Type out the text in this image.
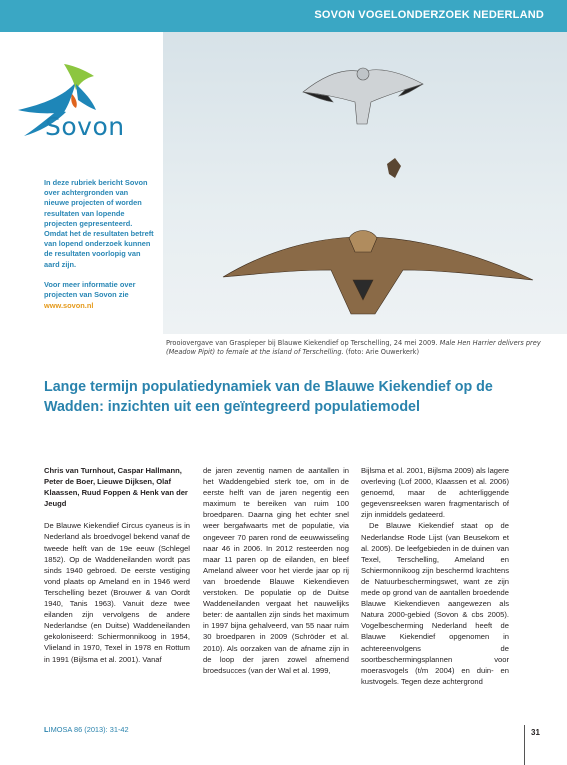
SOVON VOGELONDERZOEK NEDERLAND
Sovon
Prooiovergave van Graspieper bij Blauwe Kiekendief op Terschelling, 24 mei 2009. Male Hen Harrier delivers prey (Meadow Pipit) to female at the island of Terschelling. (foto: Arie Ouwerkerk)

In deze rubriek bericht Sovon over achtergronden van nieuwe projecten of worden resultaten van lopende projecten gepresenteerd. Omdat het de resultaten betreft van lopend onderzoek kunnen de resultaten voorlopig van aard zijn.

Voor meer informatie over projecten van Sovon zie www.sovon.nl

Lange termijn populatiedynamiek van de Blauwe Kiekendief op de Wadden: inzichten uit een geïntegreerd populatiemodel

Chris van Turnhout, Caspar Hallmann, Peter de Boer, Lieuwe Dijksen, Olaf Klaassen, Ruud Foppen & Henk van der Jeugd

De Blauwe Kiekendief Circus cyaneus is in Nederland als broedvogel bekend vanaf de tweede helft van de 19e eeuw (Schlegel 1852). Op de Waddeneilanden wordt pas sinds 1940 gebroed. De eerste vestiging vond plaats op Ameland en in 1946 werd Terschelling bezet (Brouwer & van Oordt 1940, Tanis 1963). Vanuit deze twee eilanden zijn vervolgens de andere Nederlandse (en Duitse) Waddeneilanden gekoloniseerd: Schiermonnikoog in 1954, Vlieland in 1970, Texel in 1978 en Rottum in 1991 (Bijlsma et al. 2001). Vanaf

de jaren zeventig namen de aantallen in het Waddengebied sterk toe, om in de eerste helft van de jaren negentig een maximum te bereiken van ruim 100 broedparen. Daarna ging het echter snel weer bergafwaarts met de populatie, via ongeveer 70 paren rond de eeuwwisseling naar 46 in 2006. In 2012 resteerden nog maar 11 paren op de eilanden, en bleef Ameland alweer voor het vierde jaar op rij van broedende Blauwe Kiekendieven verstoken. De populatie op de Duitse Waddeneilanden vergaat het nauwelijks beter: de aantallen zijn sinds het maximum in 1997 bijna gehalveerd, van 55 naar ruim 30 broedparen in 2009 (Schröder et al. 2010). Als oorzaken van de afname zijn in de loop der jaren zowel afnemend broedsucces (van der Wal et al. 1999,

Bijlsma et al. 2001, Bijlsma 2009) als lagere overleving (Lof 2000, Klaassen et al. 2006) genoemd, maar de achterliggende gegevensreeksen waren fragmentarisch of zijn inmiddels gedateerd.

De Blauwe Kiekendief staat op de Nederlandse Rode Lijst (van Beusekom et al. 2005). De leefgebieden in de duinen van Texel, Terschelling, Ameland en Schiermonnikoog zijn beschermd krachtens de Natuurbeschermingswet, want ze zijn mede op grond van de aantallen broedende Blauwe Kiekendieven aangewezen als Natura 2000-gebied (Sovon & cbs 2005). Vogelbescherming Nederland heeft de Blauwe Kiekendief opgenomen in achtereenvolgens de soortbeschermingsplannen voor moerasvogels (t/m 2004) en duin- en kustvogels. Tegen deze achtergrond

LIMOSA 86 (2013): 31-42	31
